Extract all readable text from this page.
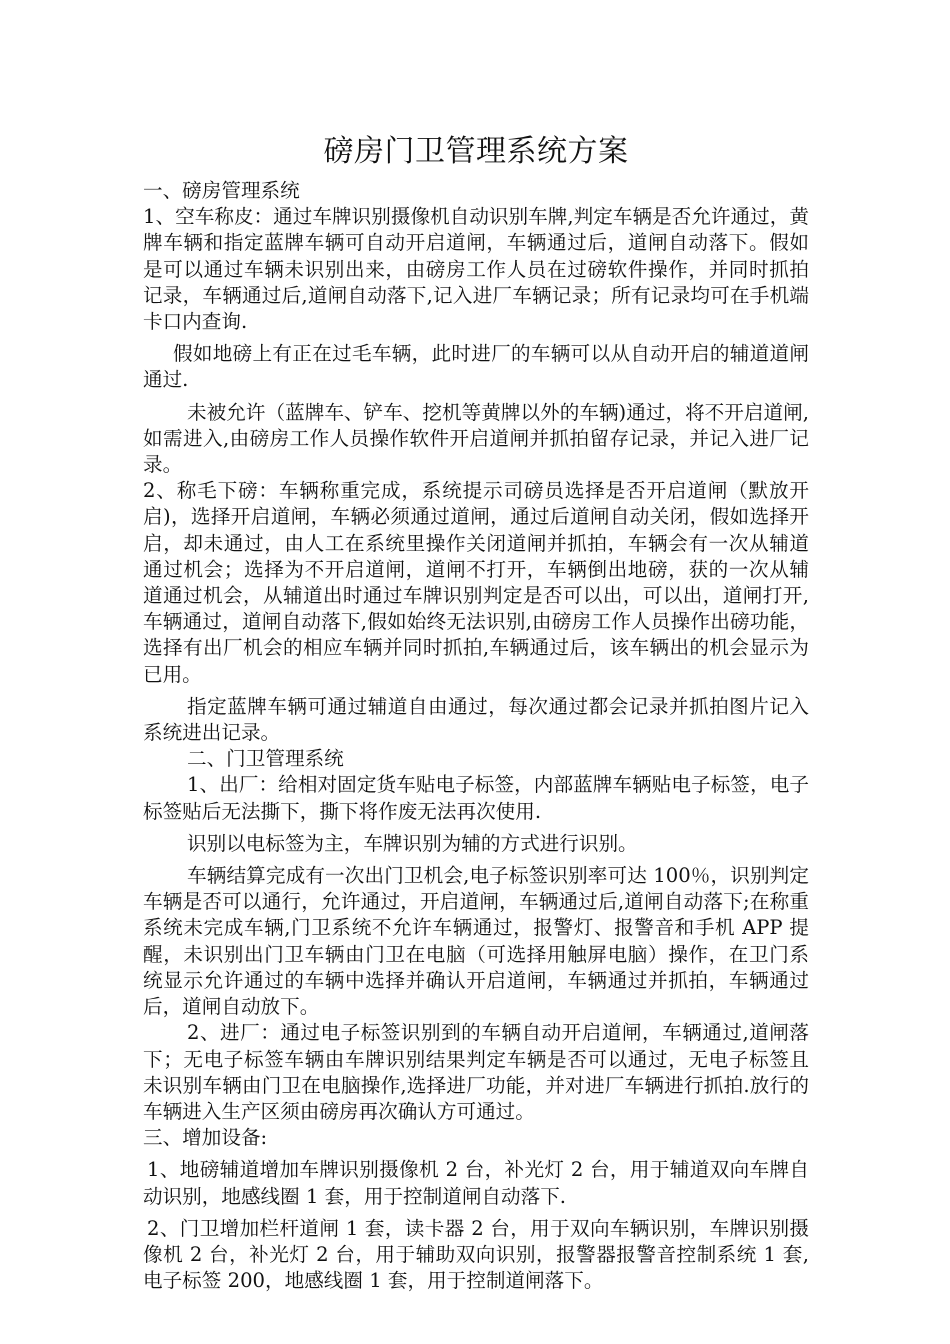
磅房门卫管理系统方案

一、磅房管理系统

1、空车称皮：通过车牌识别摄像机自动识别车牌,判定车辆是否允许通过，黄牌车辆和指定蓝牌车辆可自动开启道闸，车辆通过后，道闸自动落下。假如是可以通过车辆未识别出来，由磅房工作人员在过磅软件操作，并同时抓拍记录，车辆通过后,道闸自动落下,记入进厂车辆记录；所有记录均可在手机端卡口内查询.

假如地磅上有正在过毛车辆，此时进厂的车辆可以从自动开启的辅道道闸通过.

未被允许（蓝牌车、铲车、挖机等黄牌以外的车辆)通过，将不开启道闸,如需进入,由磅房工作人员操作软件开启道闸并抓拍留存记录，并记入进厂记录。

2、称毛下磅：车辆称重完成，系统提示司磅员选择是否开启道闸（默放开启)，选择开启道闸，车辆必须通过道闸，通过后道闸自动关闭，假如选择开启，却未通过，由人工在系统里操作关闭道闸并抓拍，车辆会有一次从辅道通过机会；选择为不开启道闸，道闸不打开，车辆倒出地磅，获的一次从辅道通过机会，从辅道出时通过车牌识别判定是否可以出，可以出，道闸打开,车辆通过，道闸自动落下,假如始终无法识别,由磅房工作人员操作出磅功能，选择有出厂机会的相应车辆并同时抓拍,车辆通过后，该车辆出的机会显示为已用。

指定蓝牌车辆可通过辅道自由通过，每次通过都会记录并抓拍图片记入系统进出记录。

二、门卫管理系统

1、出厂：给相对固定货车贴电子标签，内部蓝牌车辆贴电子标签，电子标签贴后无法撕下，撕下将作废无法再次使用.

识别以电标签为主，车牌识别为辅的方式进行识别。

车辆结算完成有一次出门卫机会,电子标签识别率可达 100％，识别判定车辆是否可以通行，允许通过，开启道闸，车辆通过后,道闸自动落下;在称重系统未完成车辆,门卫系统不允许车辆通过，报警灯、报警音和手机 APP 提醒，未识别出门卫车辆由门卫在电脑（可选择用触屏电脑）操作，在卫门系统显示允许通过的车辆中选择并确认开启道闸，车辆通过并抓拍，车辆通过后，道闸自动放下。

2、进厂：通过电子标签识别到的车辆自动开启道闸，车辆通过,道闸落下；无电子标签车辆由车牌识别结果判定车辆是否可以通过，无电子标签且未识别车辆由门卫在电脑操作,选择进厂功能，并对进厂车辆进行抓拍.放行的车辆进入生产区须由磅房再次确认方可通过。

三、增加设备:

1、地磅辅道增加车牌识别摄像机 2 台，补光灯 2 台，用于辅道双向车牌自动识别，地感线圈 1 套，用于控制道闸自动落下.

2、门卫增加栏杆道闸 1 套，读卡器 2 台，用于双向车辆识别，车牌识别摄像机 2 台，补光灯 2 台，用于辅助双向识别，报警器报警音控制系统 1 套,电子标签 200，地感线圈 1 套，用于控制道闸落下。
